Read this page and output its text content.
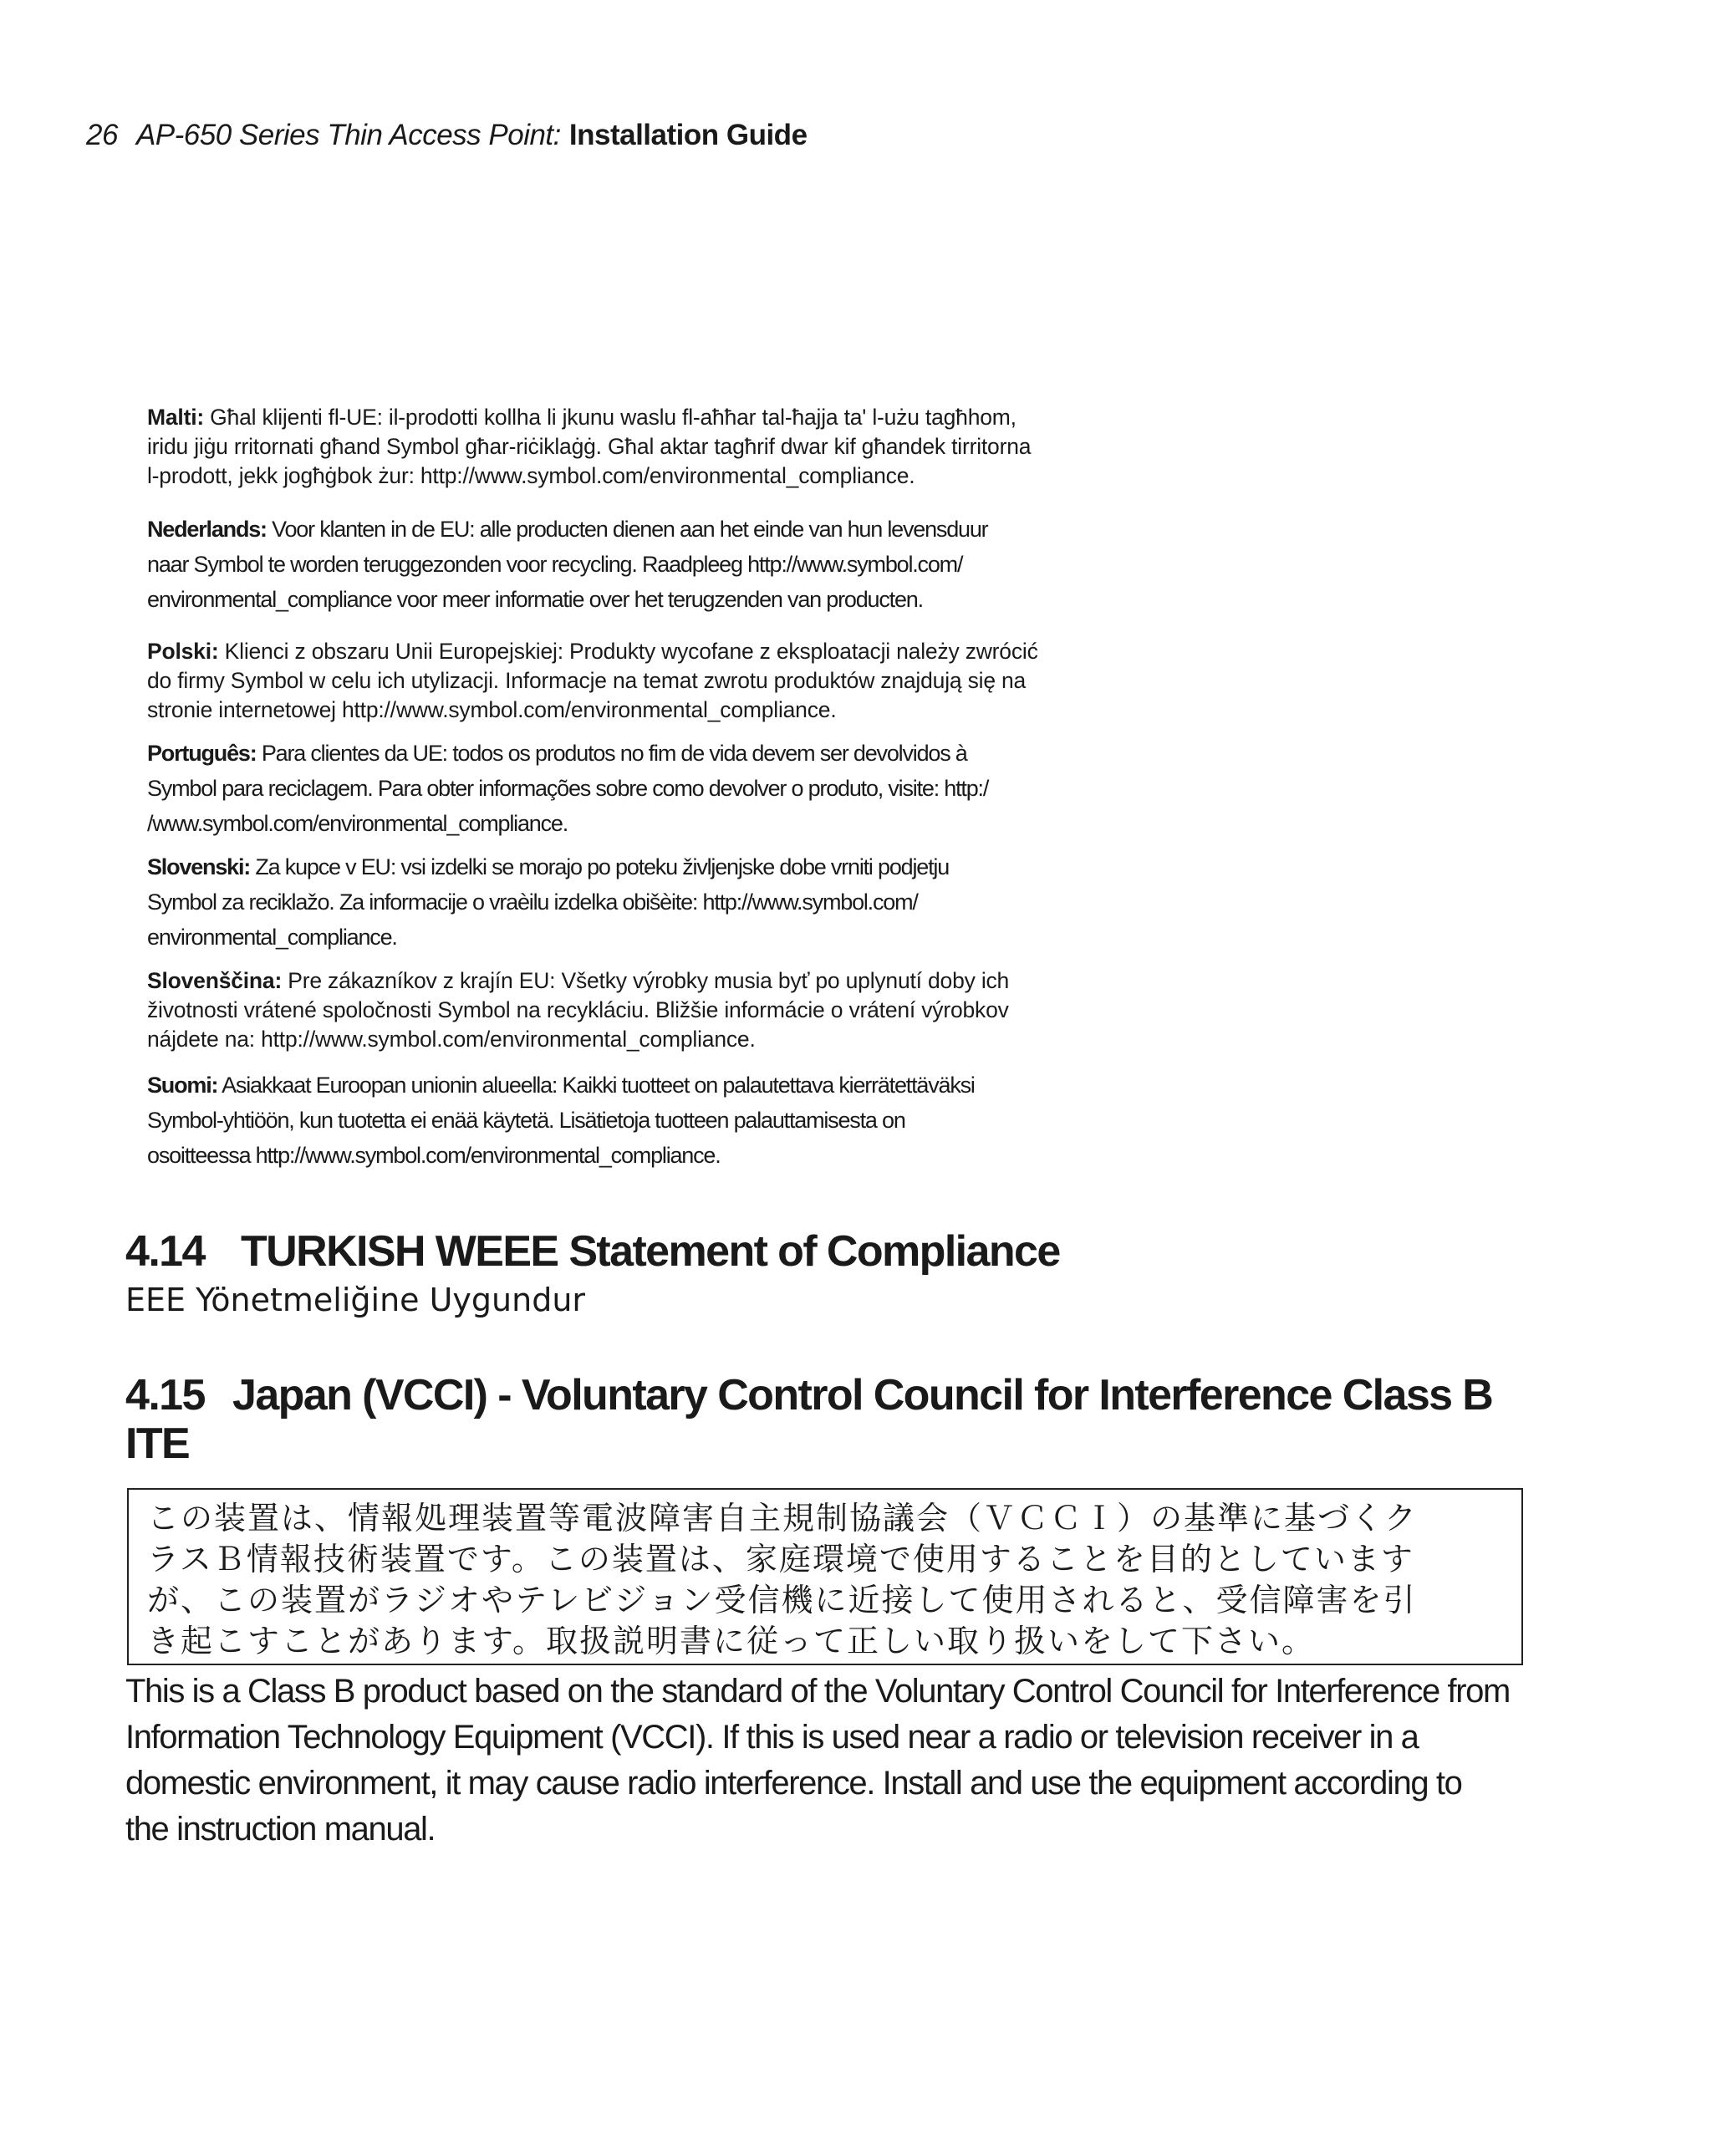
26 AP-650 Series Thin Access Point: Installation Guide

Malti: Għal klijenti fl-UE: il-prodotti kollha li jkunu waslu fl-aħħar tal-ħajja ta' l-użu tagħhom,
iridu jiġu rritornati għand Symbol għar-riċiklaġġ. Għal aktar tagħrif dwar kif għandek tirritorna
l-prodott, jekk jogħġbok żur: http://www.symbol.com/environmental_compliance.

Nederlands: Voor klanten in de EU: alle producten dienen aan het einde van hun levensduur
naar Symbol te worden teruggezonden voor recycling. Raadpleeg http://www.symbol.com/
environmental_compliance voor meer informatie over het terugzenden van producten.

Polski: Klienci z obszaru Unii Europejskiej: Produkty wycofane z eksploatacji należy zwrócić
do firmy Symbol w celu ich utylizacji. Informacje na temat zwrotu produktów znajdują się na
stronie internetowej http://www.symbol.com/environmental_compliance.

Português: Para clientes da UE: todos os produtos no fim de vida devem ser devolvidos à
Symbol para reciclagem. Para obter informações sobre como devolver o produto, visite: http:/
/www.symbol.com/environmental_compliance.

Slovenski: Za kupce v EU: vsi izdelki se morajo po poteku življenjske dobe vrniti podjetju
Symbol za reciklažo. Za informacije o vraèilu izdelka obišèite: http://www.symbol.com/
environmental_compliance.

Slovenščina: Pre zákazníkov z krajín EU: Všetky výrobky musia byť po uplynutí doby ich
životnosti vrátené spoločnosti Symbol na recykláciu. Bližšie informácie o vrátení výrobkov
nájdete na: http://www.symbol.com/environmental_compliance.

Suomi: Asiakkaat Euroopan unionin alueella: Kaikki tuotteet on palautettava kierrätettäväksi
Symbol-yhtiöön, kun tuotetta ei enää käytetä. Lisätietoja tuotteen palauttamisesta on
osoitteessa http://www.symbol.com/environmental_compliance.

4.14 TURKISH WEEE Statement of Compliance

EEE Yönetmeliğine Uygundur

4.15 Japan (VCCI) - Voluntary Control Council for Interference Class B
ITE
この装置は、情報処理装置等電波障害自主規制協議会（ＶＣＣＩ）の基準に基づくク
ラスＢ情報技術装置です。この装置は、家庭環境で使用することを目的としています
が、この装置がラジオやテレビジョン受信機に近接して使用されると、受信障害を引
き起こすことがあります。取扱説明書に従って正しい取り扱いをして下さい。

This is a Class B product based on the standard of the Voluntary Control Council for Interference from
Information Technology Equipment (VCCI). If this is used near a radio or television receiver in a
domestic environment, it may cause radio interference. Install and use the equipment according to
the instruction manual.
